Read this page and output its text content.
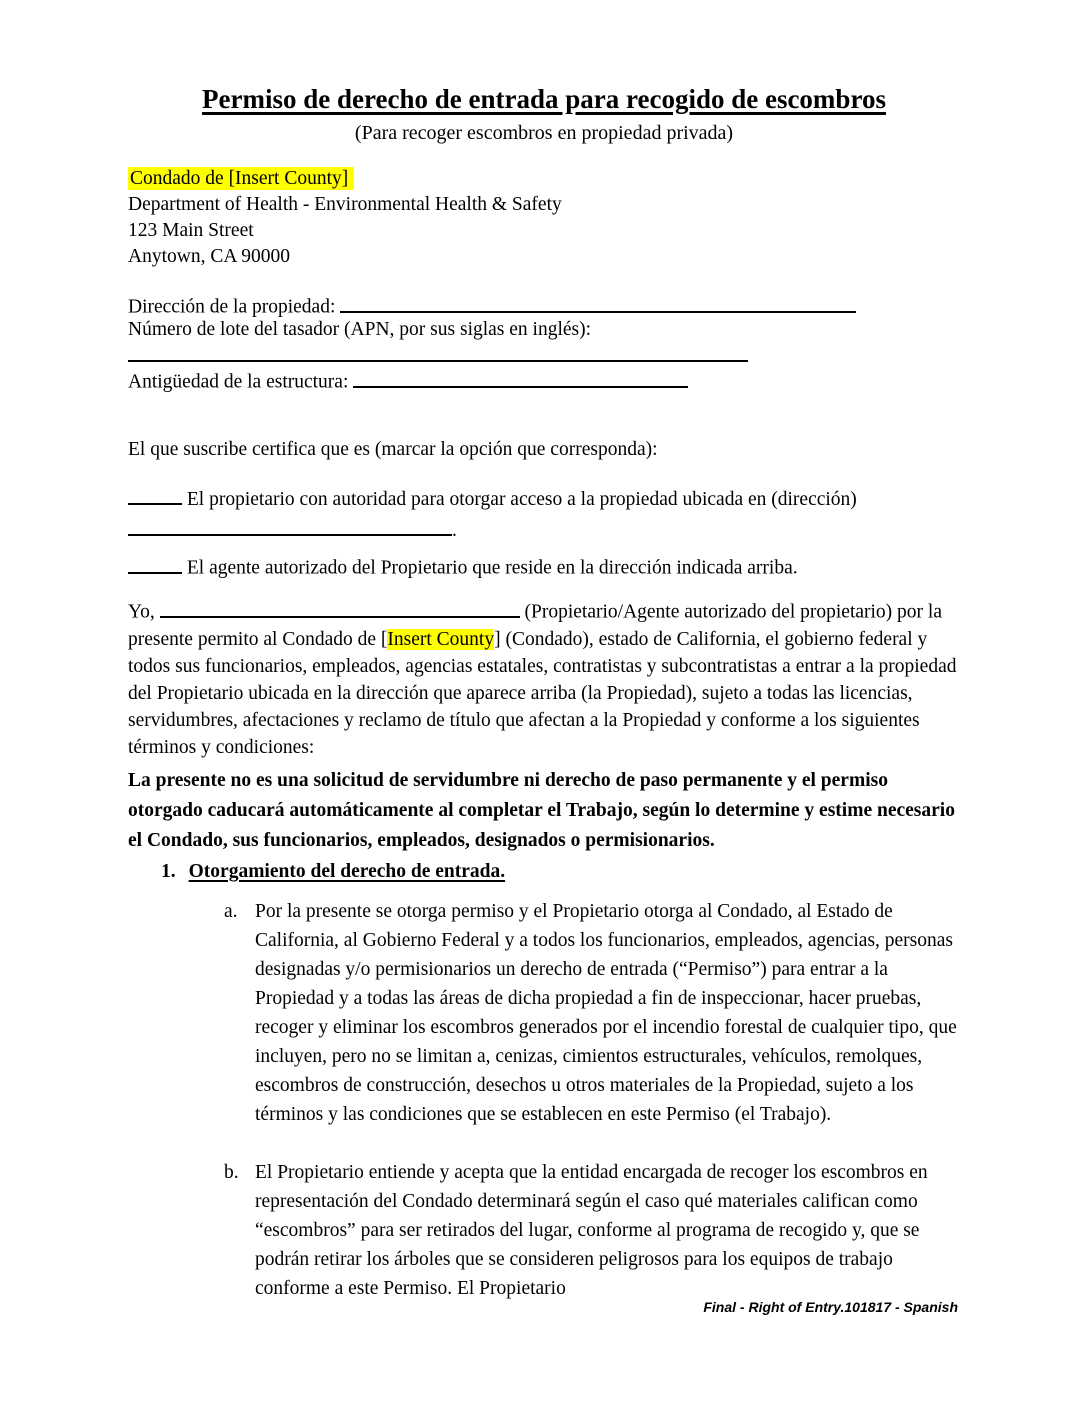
Permiso de derecho de entrada para recogido de escombros
(Para recoger escombros en propiedad privada)
Condado de [Insert County]
Department of Health - Environmental Health & Safety
123 Main Street
Anytown, CA 90000
Dirección de la propiedad:
Número de lote del tasador (APN, por sus siglas en inglés):
Antigüedad de la estructura:
El que suscribe certifica que es (marcar la opción que corresponda):
El propietario con autoridad para otorgar acceso a la propiedad ubicada en (dirección)
.
El agente autorizado del Propietario que reside en la dirección indicada arriba.
Yo,	(Propietario/Agente autorizado del propietario) por la presente permito al Condado de [Insert County] (Condado), estado de California, el gobierno federal y todos sus funcionarios, empleados, agencias estatales, contratistas y subcontratistas a entrar a la propiedad del Propietario ubicada en la dirección que aparece arriba (la Propiedad), sujeto a todas las licencias, servidumbres, afectaciones y reclamo de título que afectan a la Propiedad y conforme a los siguientes términos y condiciones:
La presente no es una solicitud de servidumbre ni derecho de paso permanente y el permiso otorgado caducará automáticamente al completar el Trabajo, según lo determine y estime necesario el Condado, sus funcionarios, empleados, designados o permisionarios.
1. Otorgamiento del derecho de entrada.
a. Por la presente se otorga permiso y el Propietario otorga al Condado, al Estado de California, al Gobierno Federal y a todos los funcionarios, empleados, agencias, personas designadas y/o permisionarios un derecho de entrada (“Permiso”) para entrar a la Propiedad y a todas las áreas de dicha propiedad a fin de inspeccionar, hacer pruebas, recoger y eliminar los escombros generados por el incendio forestal de cualquier tipo, que incluyen, pero no se limitan a, cenizas, cimientos estructurales, vehículos, remolques, escombros de construcción, desechos u otros materiales de la Propiedad, sujeto a los términos y las condiciones que se establecen en este Permiso (el Trabajo).
b. El Propietario entiende y acepta que la entidad encargada de recoger los escombros en representación del Condado determinará según el caso qué materiales califican como “escombros” para ser retirados del lugar, conforme al programa de recogido y, que se podrán retirar los árboles que se consideren peligrosos para los equipos de trabajo conforme a este Permiso. El Propietario
Final - Right of Entry.101817 - Spanish
